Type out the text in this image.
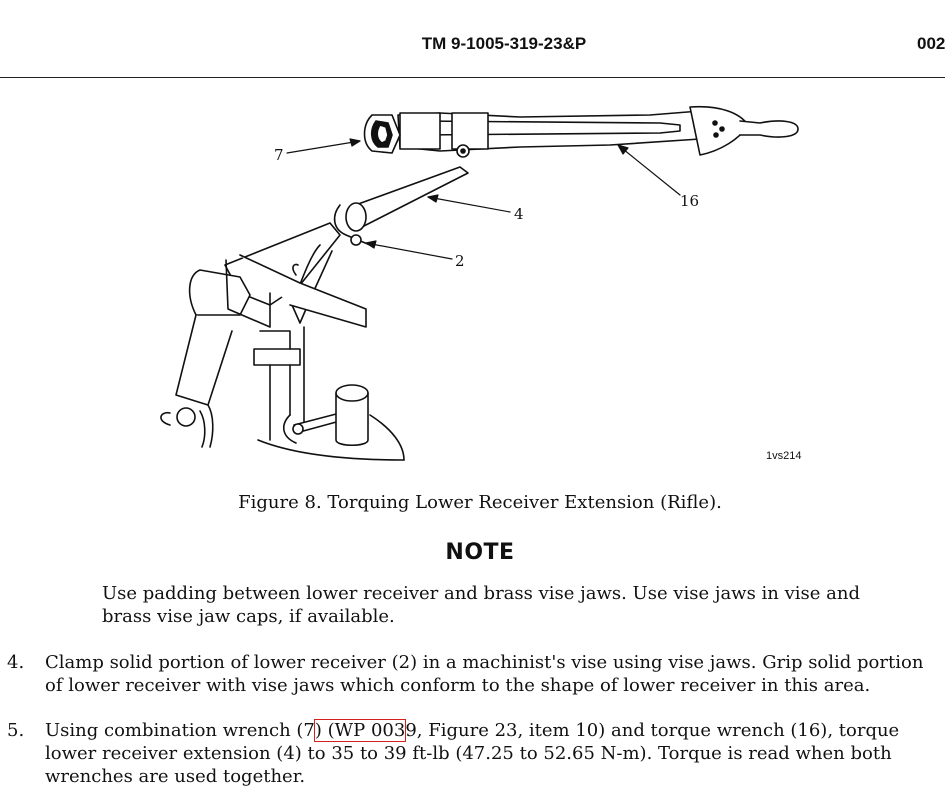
TM 9-1005-319-23&P	002
7
4
16
2
1vs214
Figure 8. Torquing Lower Receiver Extension (Rifle).
NOTE
Use padding between lower receiver and brass vise jaws. Use vise jaws in vise and brass vise jaw caps, if available.
4. Clamp solid portion of lower receiver (2) in a machinist's vise using vise jaws. Grip solid portion of lower receiver with vise jaws which conform to the shape of lower receiver in this area.
5. Using combination wrench (7) (WP 0039, Figure 23, item 10) and torque wrench (16), torque lower receiver extension (4) to 35 to 39 ft-lb (47.25 to 52.65 N-m). Torque is read when both wrenches are used together.
